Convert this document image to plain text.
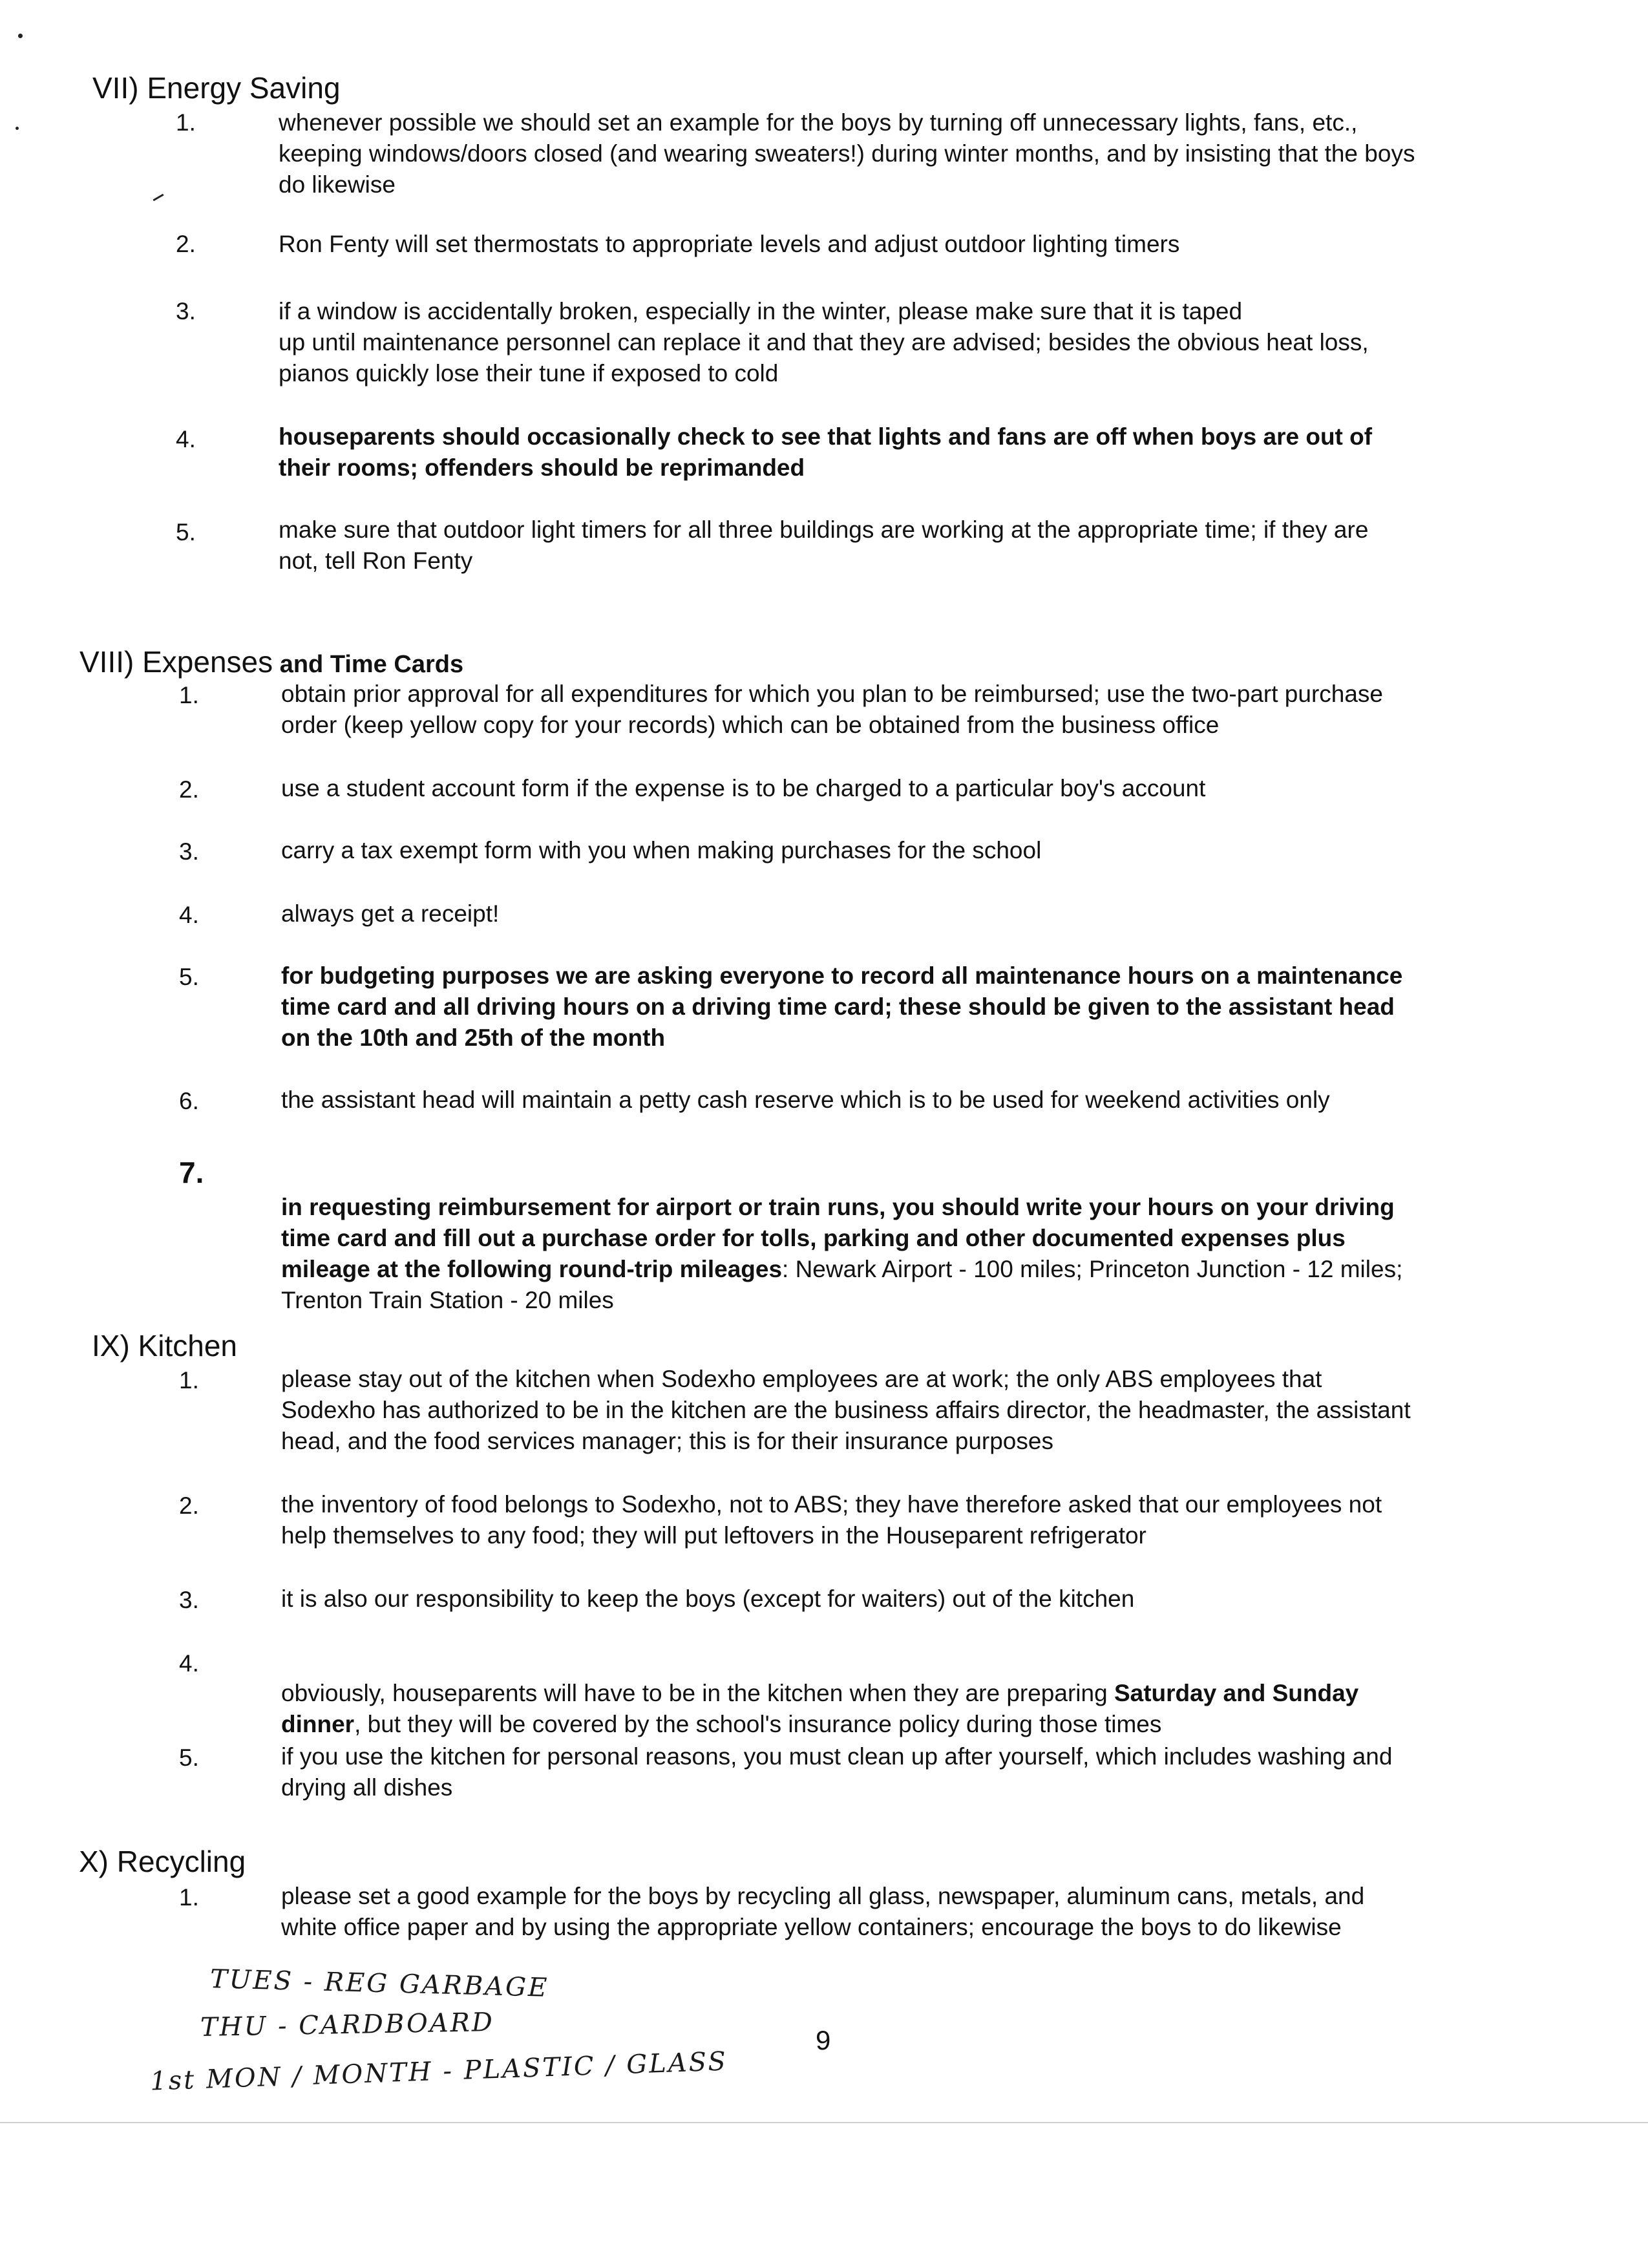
VII) Energy Saving
1.	whenever possible we should set an example for the boys by turning off unnecessary lights, fans, etc.,
keeping windows/doors closed (and wearing sweaters!) during winter months, and by insisting that the boys
do likewise
2.	Ron Fenty will set thermostats to appropriate levels and adjust outdoor lighting timers
3.	if a window is accidentally broken, especially in the winter, please make sure that it is taped
up until maintenance personnel can replace it and that they are advised; besides the obvious heat loss,
pianos quickly lose their tune if exposed to cold
4.	houseparents should occasionally check to see that lights and fans are off when boys are out of
their rooms; offenders should be reprimanded
5.	make sure that outdoor light timers for all three buildings are working at the appropriate time; if they are
not, tell Ron Fenty
VIII) Expenses and Time Cards
1.	obtain prior approval for all expenditures for which you plan to be reimbursed; use the two-part purchase
order (keep yellow copy for your records) which can be obtained from the business office
2.	use a student account form if the expense is to be charged to a particular boy's account
3.	carry a tax exempt form with you when making purchases for the school
4.	always get a receipt!
5.	for budgeting purposes we are asking everyone to record all maintenance hours on a maintenance
time card and all driving hours on a driving time card; these should be given to the assistant head
on the 10th and 25th of the month
6.	the assistant head will maintain a petty cash reserve which is to be used for weekend activities only
7.

in requesting reimbursement for airport or train runs, you should write your hours on your driving
time card and fill out a purchase order for tolls, parking and other documented expenses plus
mileage at the following round-trip mileages: Newark Airport - 100 miles; Princeton Junction - 12 miles;
Trenton Train Station - 20 miles

IX) Kitchen
1.	please stay out of the kitchen when Sodexho employees are at work; the only ABS employees that
Sodexho has authorized to be in the kitchen are the business affairs director, the headmaster, the assistant
head, and the food services manager; this is for their insurance purposes
2.	the inventory of food belongs to Sodexho, not to ABS; they have therefore asked that our employees not
help themselves to any food; they will put leftovers in the Houseparent refrigerator
3.	it is also our responsibility to keep the boys (except for waiters) out of the kitchen
4.

obviously, houseparents will have to be in the kitchen when they are preparing Saturday and Sunday
dinner, but they will be covered by the school's insurance policy during those times

5.	if you use the kitchen for personal reasons, you must clean up after yourself, which includes washing and
drying all dishes
X) Recycling
1.	please set a good example for the boys by recycling all glass, newspaper, aluminum cans, metals, and
white office paper and by using the appropriate yellow containers; encourage the boys to do likewise
TUES - REG GARBAGE
THU - CARDBOARD
1st MON / MONTH - PLASTIC / GLASS
9
